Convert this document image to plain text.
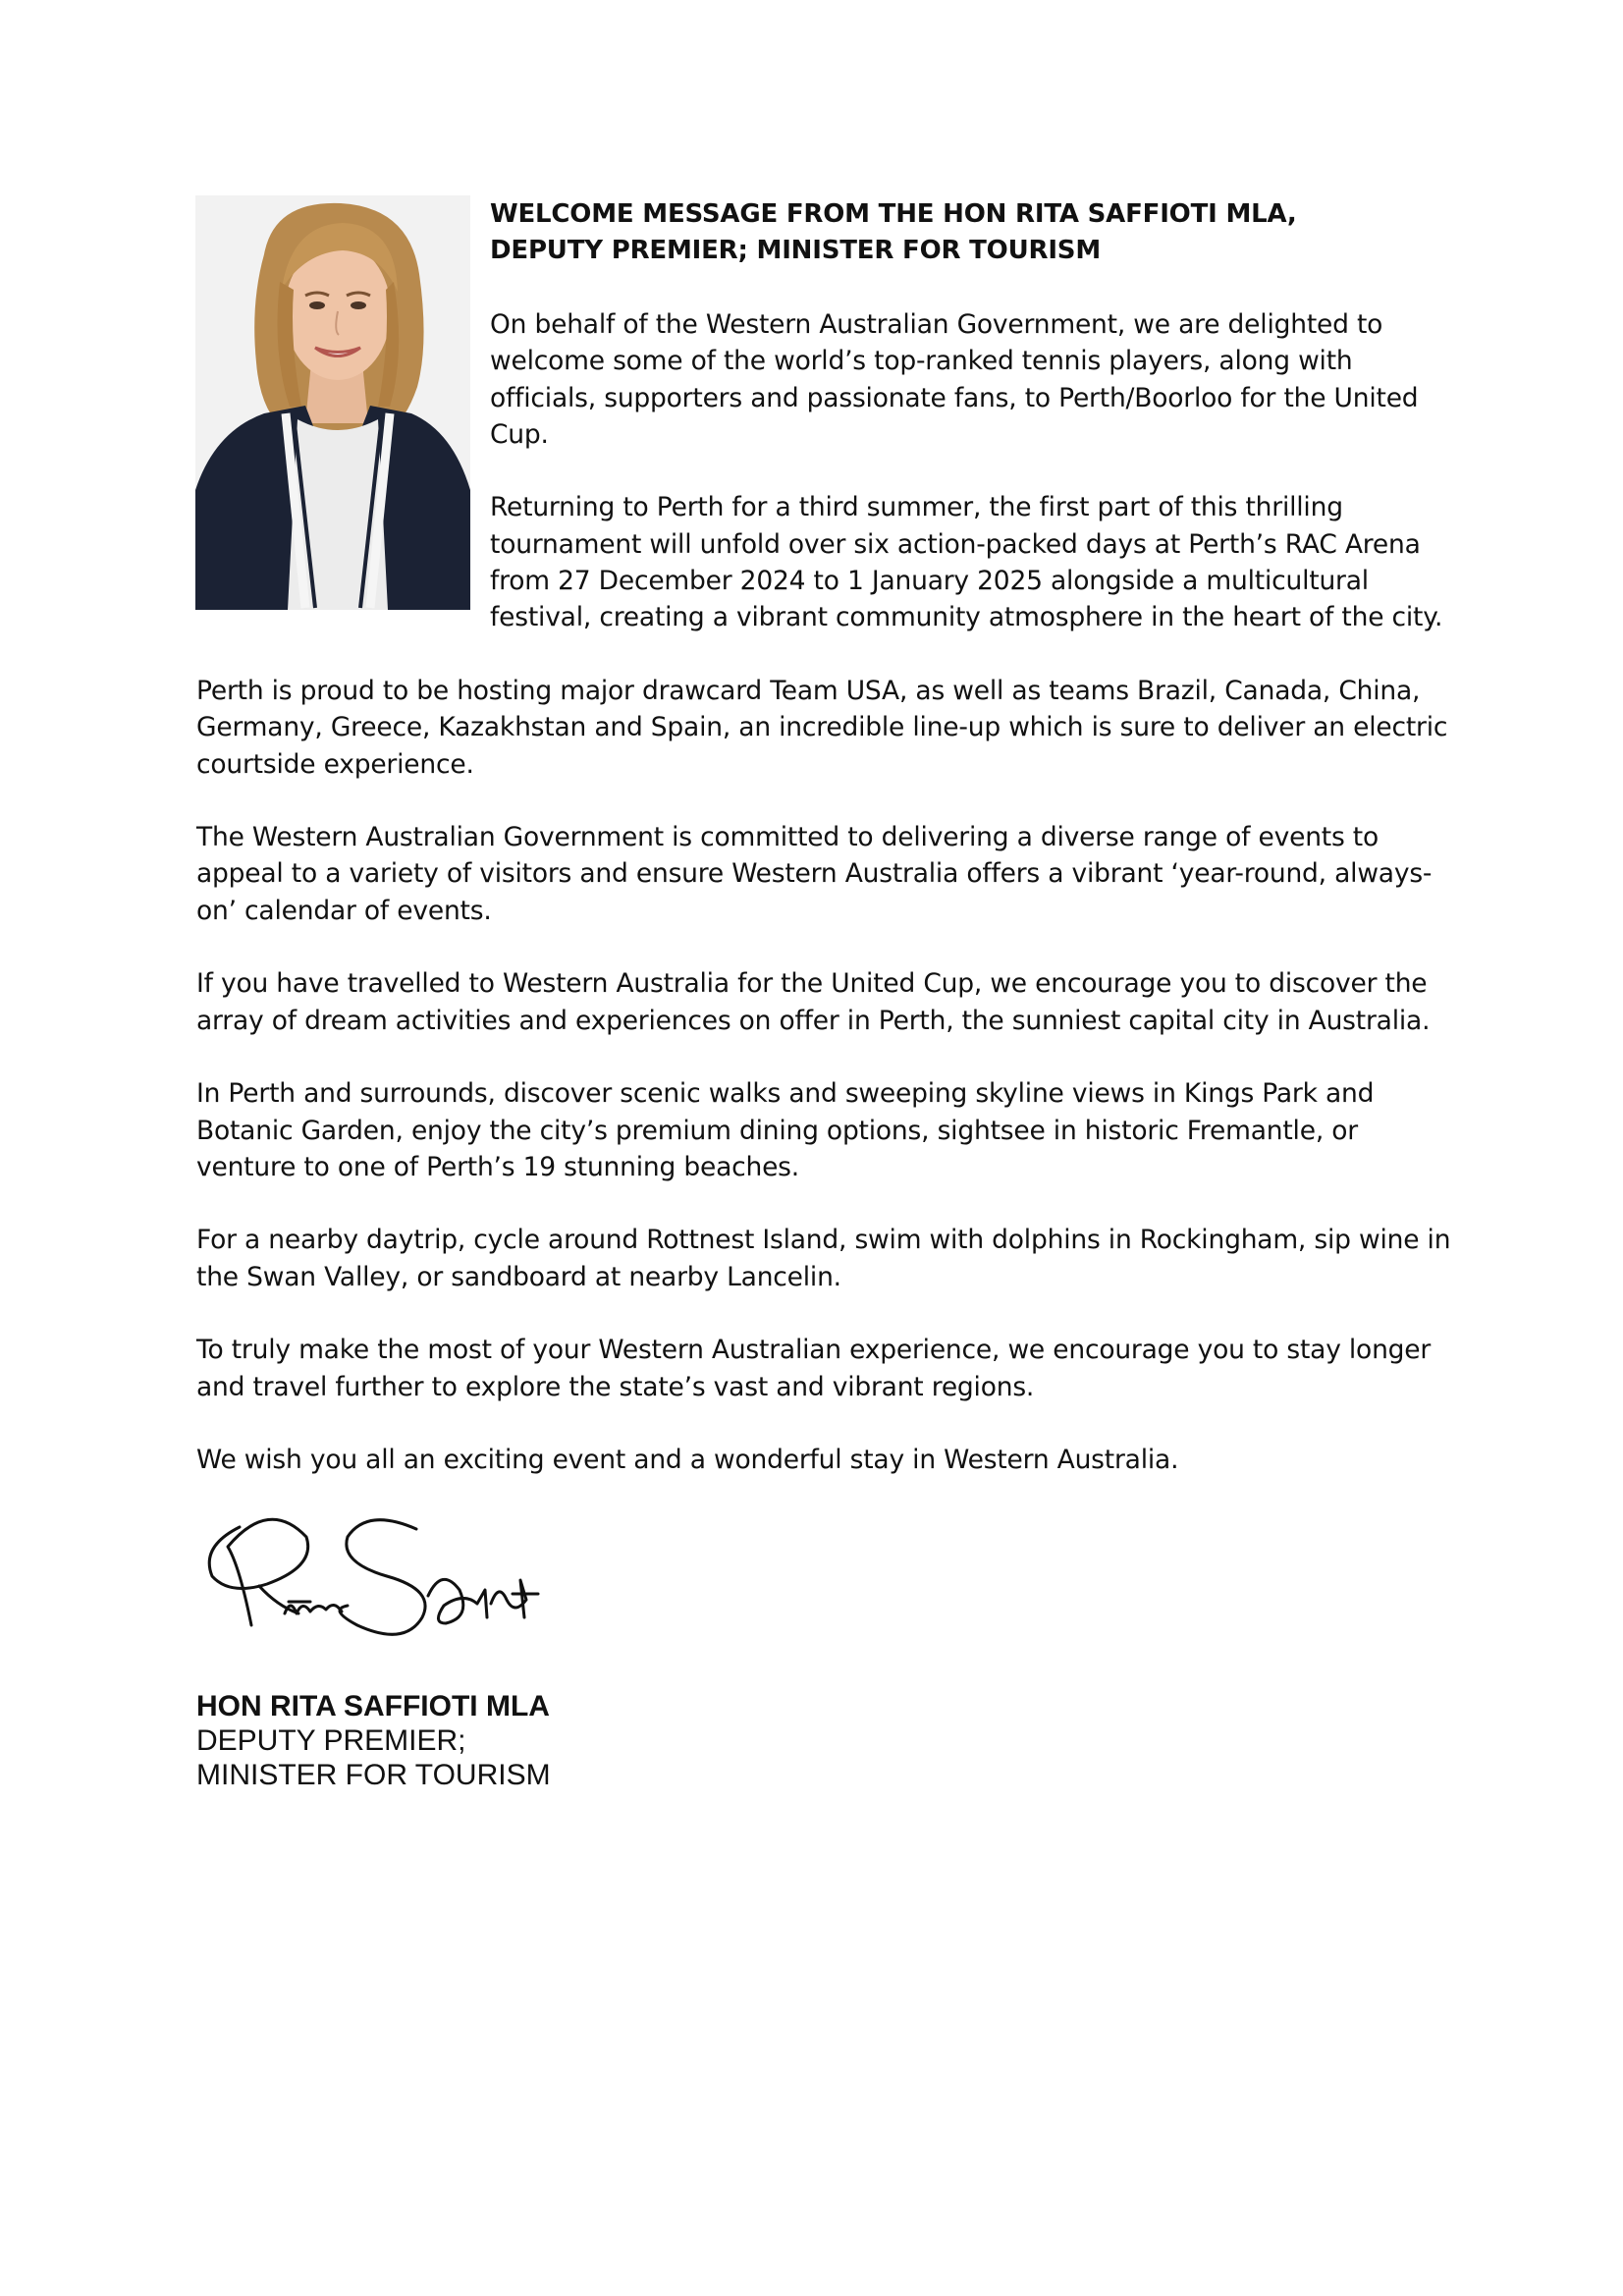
WELCOME MESSAGE FROM THE HON RITA SAFFIOTI MLA,
DEPUTY PREMIER; MINISTER FOR TOURISM

On behalf of the Western Australian Government, we are delighted to welcome some of the world’s top-ranked tennis players, along with officials, supporters and passionate fans, to Perth/Boorloo for the United Cup.

Returning to Perth for a third summer, the first part of this thrilling tournament will unfold over six action-packed days at Perth’s RAC Arena from 27 December 2024 to 1 January 2025 alongside a multicultural festival, creating a vibrant community atmosphere in the heart of the city.

Perth is proud to be hosting major drawcard Team USA, as well as teams Brazil, Canada, China, Germany, Greece, Kazakhstan and Spain, an incredible line-up which is sure to deliver an electric courtside experience.

The Western Australian Government is committed to delivering a diverse range of events to appeal to a variety of visitors and ensure Western Australia offers a vibrant ‘year-round, always-on’ calendar of events.

If you have travelled to Western Australia for the United Cup, we encourage you to discover the array of dream activities and experiences on offer in Perth, the sunniest capital city in Australia.

In Perth and surrounds, discover scenic walks and sweeping skyline views in Kings Park and Botanic Garden, enjoy the city’s premium dining options, sightsee in historic Fremantle, or venture to one of Perth’s 19 stunning beaches.

For a nearby daytrip, cycle around Rottnest Island, swim with dolphins in Rockingham, sip wine in the Swan Valley, or sandboard at nearby Lancelin.

To truly make the most of your Western Australian experience, we encourage you to stay longer and travel further to explore the state’s vast and vibrant regions.

We wish you all an exciting event and a wonderful stay in Western Australia.

HON RITA SAFFIOTI MLA
DEPUTY PREMIER;
MINISTER FOR TOURISM
